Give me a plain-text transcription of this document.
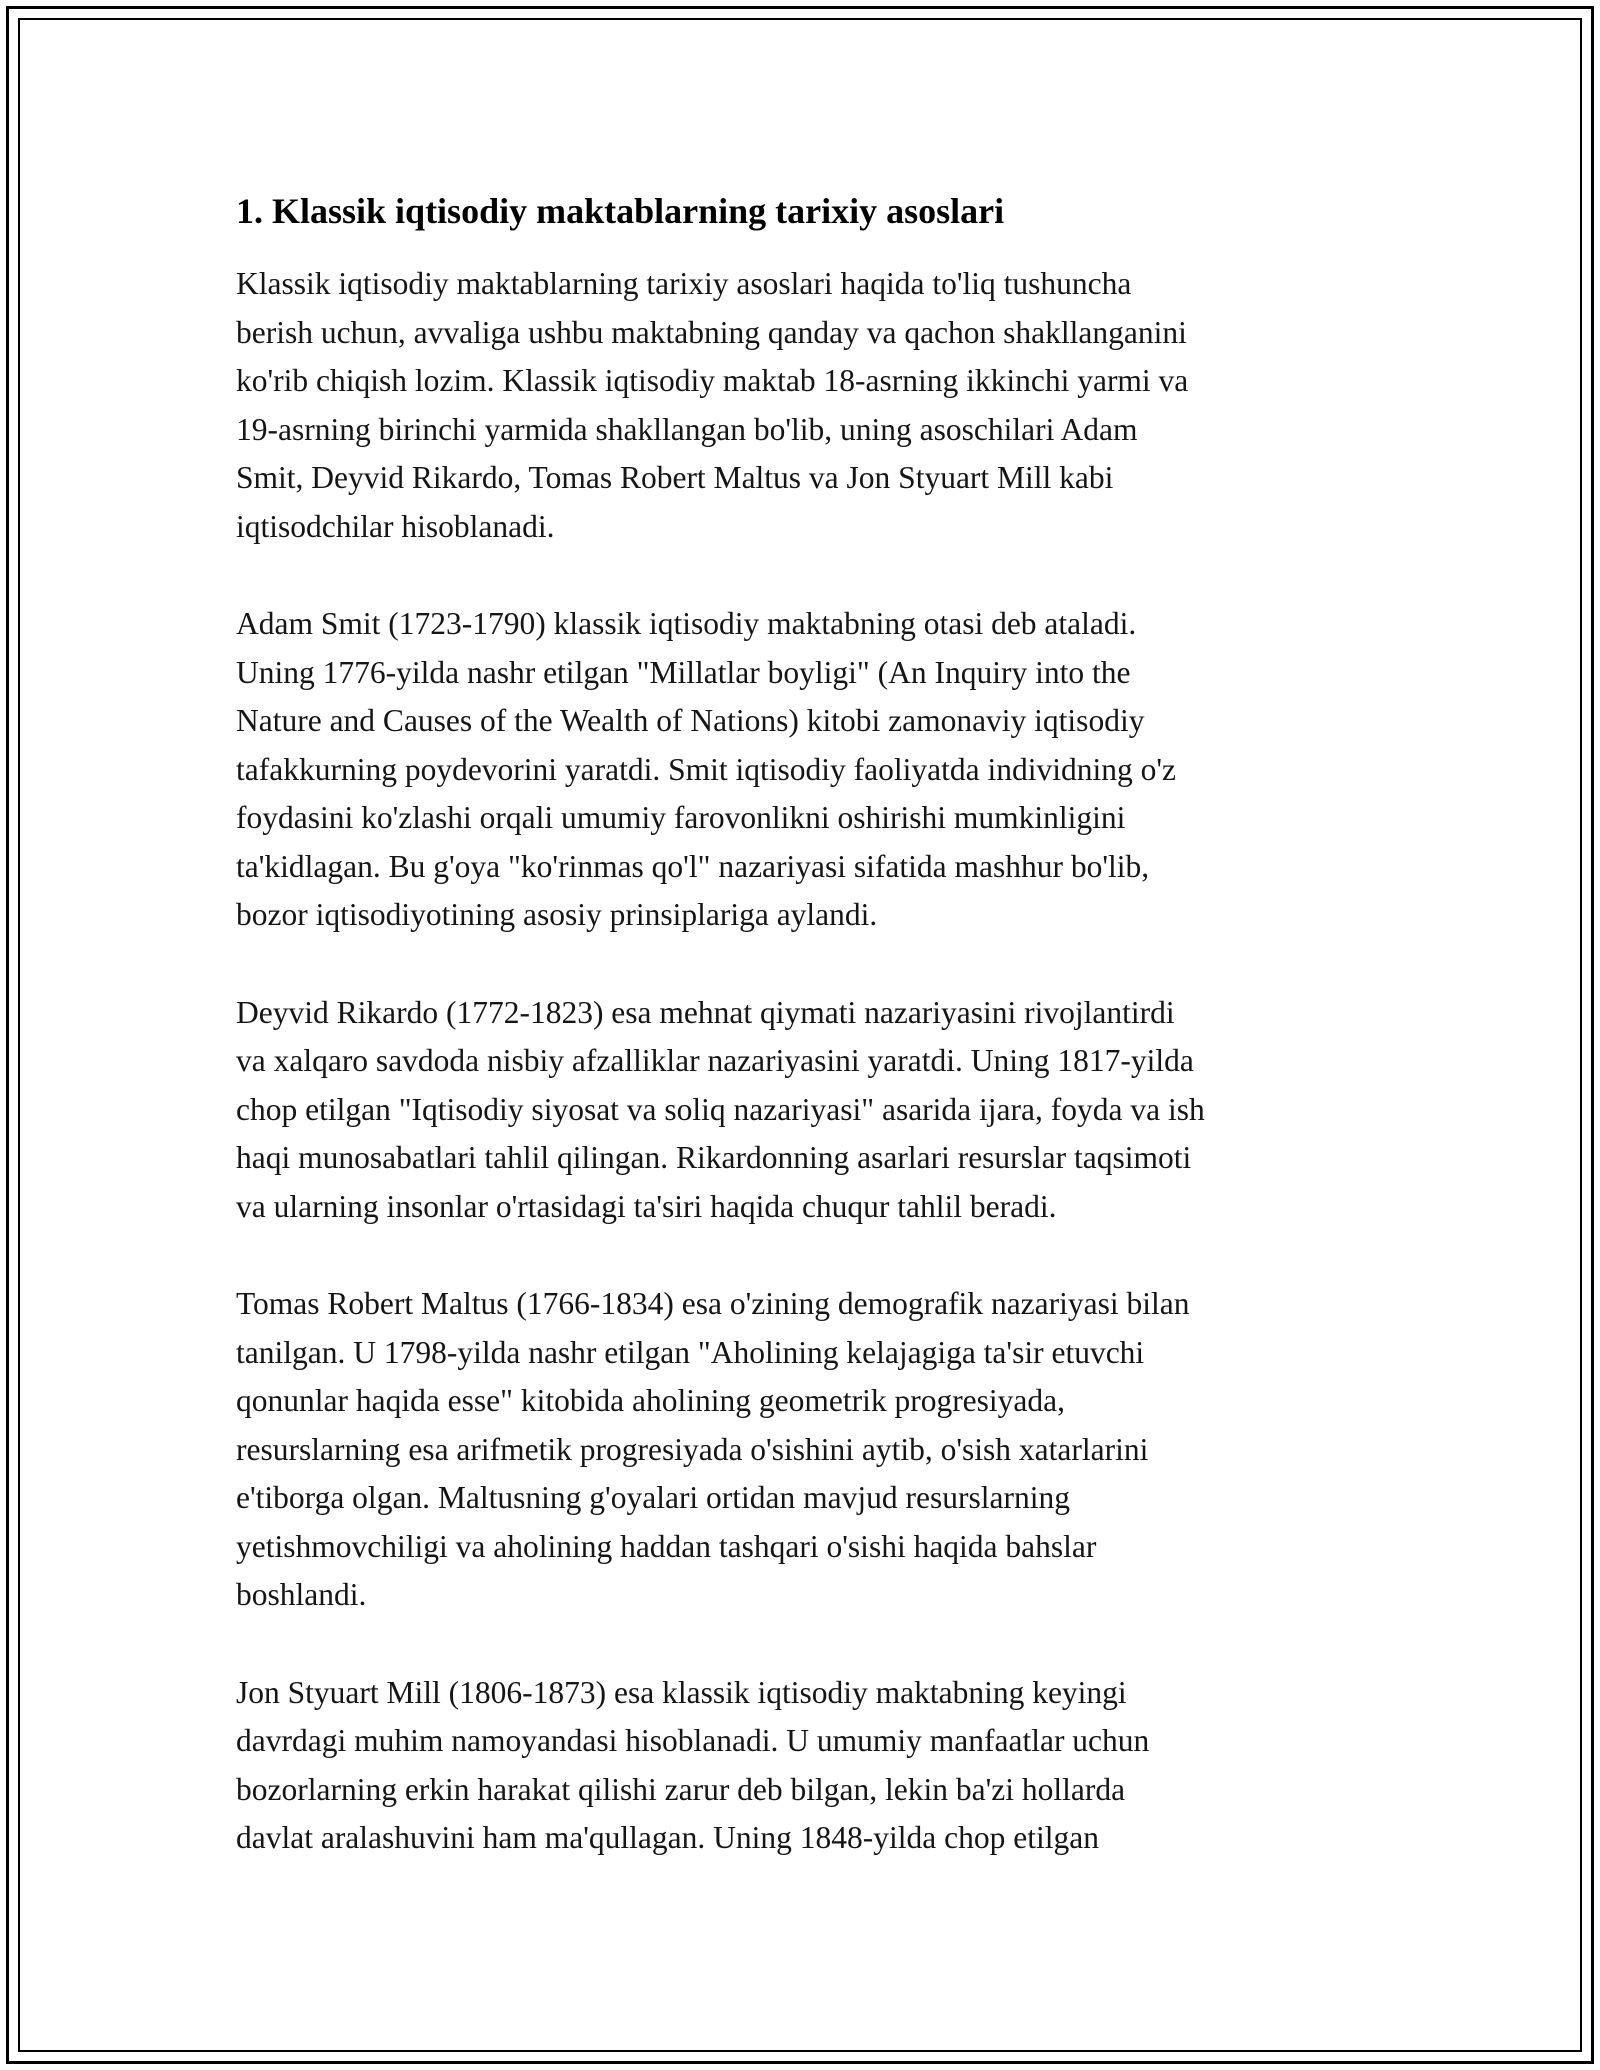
1. Klassik iqtisodiy maktablarning tarixiy asoslari

Klassik iqtisodiy maktablarning tarixiy asoslari haqida to'liq tushuncha
berish uchun, avvaliga ushbu maktabning qanday va qachon shakllanganini
ko'rib chiqish lozim. Klassik iqtisodiy maktab 18-asrning ikkinchi yarmi va
19-asrning birinchi yarmida shakllangan bo'lib, uning asoschilari Adam
Smit, Deyvid Rikardo, Tomas Robert Maltus va Jon Styuart Mill kabi
iqtisodchilar hisoblanadi.

Adam Smit (1723-1790) klassik iqtisodiy maktabning otasi deb ataladi.
Uning 1776-yilda nashr etilgan "Millatlar boyligi" (An Inquiry into the
Nature and Causes of the Wealth of Nations) kitobi zamonaviy iqtisodiy
tafakkurning poydevorini yaratdi. Smit iqtisodiy faoliyatda individning o'z
foydasini ko'zlashi orqali umumiy farovonlikni oshirishi mumkinligini
ta'kidlagan. Bu g'oya "ko'rinmas qo'l" nazariyasi sifatida mashhur bo'lib,
bozor iqtisodiyotining asosiy prinsiplariga aylandi.

Deyvid Rikardo (1772-1823) esa mehnat qiymati nazariyasini rivojlantirdi
va xalqaro savdoda nisbiy afzalliklar nazariyasini yaratdi. Uning 1817-yilda
chop etilgan "Iqtisodiy siyosat va soliq nazariyasi" asarida ijara, foyda va ish
haqi munosabatlari tahlil qilingan. Rikardonning asarlari resurslar taqsimoti
va ularning insonlar o'rtasidagi ta'siri haqida chuqur tahlil beradi.

Tomas Robert Maltus (1766-1834) esa o'zining demografik nazariyasi bilan
tanilgan. U 1798-yilda nashr etilgan "Aholining kelajagiga ta'sir etuvchi
qonunlar haqida esse" kitobida aholining geometrik progresiyada,
resurslarning esa arifmetik progresiyada o'sishini aytib, o'sish xatarlarini
e'tiborga olgan. Maltusning g'oyalari ortidan mavjud resurslarning
yetishmovchiligi va aholining haddan tashqari o'sishi haqida bahslar
boshlandi.

Jon Styuart Mill (1806-1873) esa klassik iqtisodiy maktabning keyingi
davrdagi muhim namoyandasi hisoblanadi. U umumiy manfaatlar uchun
bozorlarning erkin harakat qilishi zarur deb bilgan, lekin ba'zi hollarda
davlat aralashuvini ham ma'qullagan. Uning 1848-yilda chop etilgan
